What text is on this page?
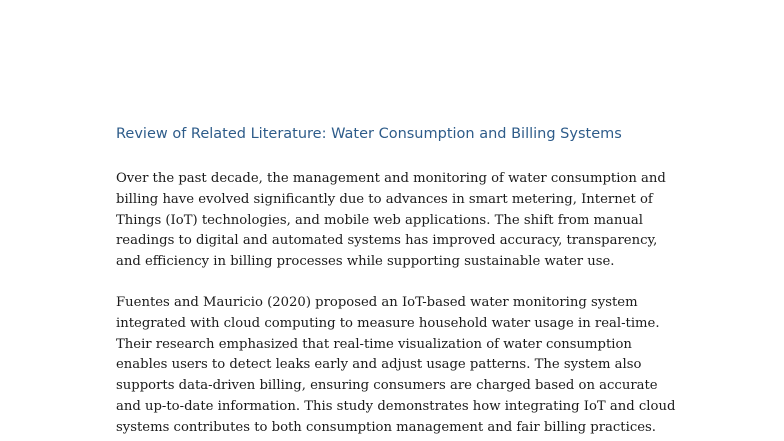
Review of Related Literature: Water Consumption and Billing Systems

Over the past decade, the management and monitoring of water consumption and
billing have evolved significantly due to advances in smart metering, Internet of
Things (IoT) technologies, and mobile web applications. The shift from manual
readings to digital and automated systems has improved accuracy, transparency,
and efficiency in billing processes while supporting sustainable water use.

Fuentes and Mauricio (2020) proposed an IoT-based water monitoring system
integrated with cloud computing to measure household water usage in real-time.
Their research emphasized that real-time visualization of water consumption
enables users to detect leaks early and adjust usage patterns. The system also
supports data-driven billing, ensuring consumers are charged based on accurate
and up-to-date information. This study demonstrates how integrating IoT and cloud
systems contributes to both consumption management and fair billing practices.
